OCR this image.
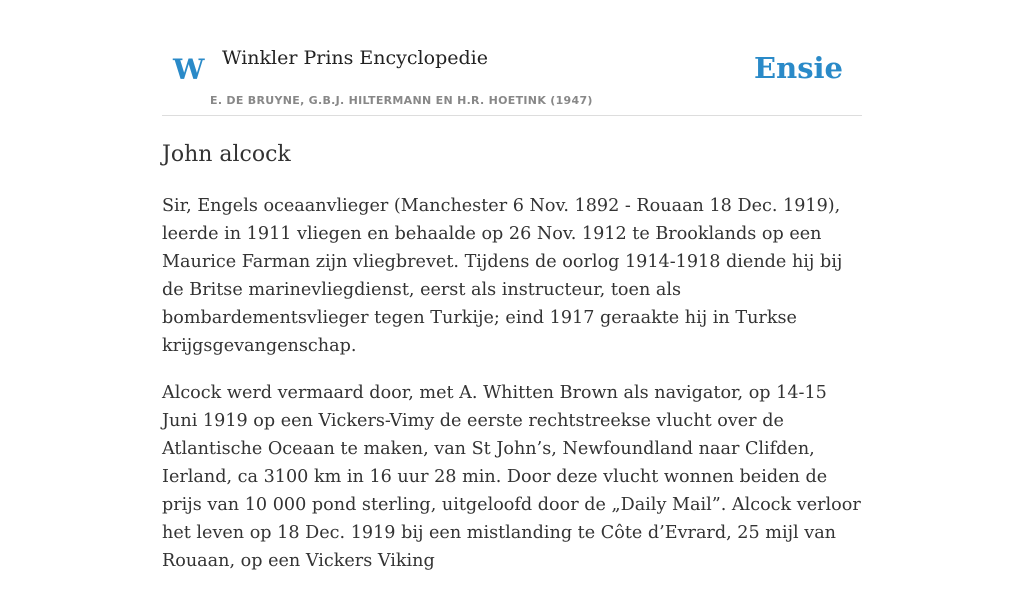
W Winkler Prins Encyclopedie
E. DE BRUYNE, G.B.J. HILTERMANN EN H.R. HOETINK (1947)
Ensie
John alcock

Sir, Engels oceaanvlieger (Manchester 6 Nov. 1892 - Rouaan 18 Dec. 1919), leerde in 1911 vliegen en behaalde op 26 Nov. 1912 te Brooklands op een Maurice Farman zijn vliegbrevet. Tijdens de oorlog 1914-1918 diende hij bij de Britse marinevliegdienst, eerst als instructeur, toen als bombardementsvlieger tegen Turkije; eind 1917 geraakte hij in Turkse krijgsgevangenschap.

Alcock werd vermaard door, met A. Whitten Brown als navigator, op 14-15 Juni 1919 op een Vickers-Vimy de eerste rechtstreekse vlucht over de Atlantische Oceaan te maken, van St John’s, Newfoundland naar Clifden, Ierland, ca 3100 km in 16 uur 28 min. Door deze vlucht wonnen beiden de prijs van 10 000 pond sterling, uitgeloofd door de „Daily Mail”. Alcock verloor het leven op 18 Dec. 1919 bij een mistlanding te Côte d’Evrard, 25 mijl van Rouaan, op een Vickers Viking
